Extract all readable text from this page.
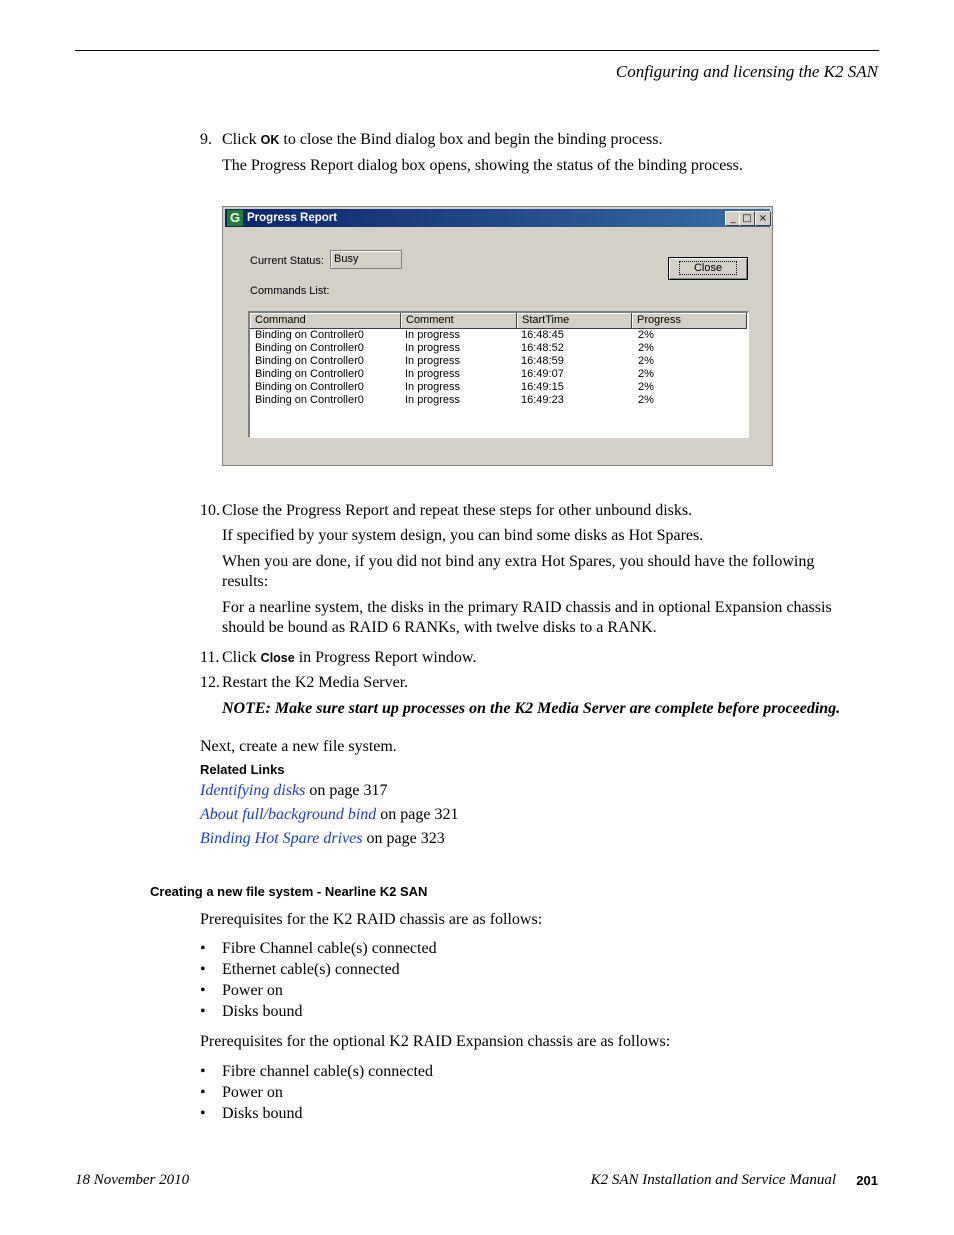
Configuring and licensing the K2 SAN
9. Click OK to close the Bind dialog box and begin the binding process.
The Progress Report dialog box opens, showing the status of the binding process.
G Progress Report	_ □ ×
Current Status: Busy
Close
Commands List:
Command	Comment	StartTime	Progress
Binding on Controller0	In progress	16:48:45	2%
Binding on Controller0	In progress	16:48:52	2%
Binding on Controller0	In progress	16:48:59	2%
Binding on Controller0	In progress	16:49:07	2%
Binding on Controller0	In progress	16:49:15	2%
Binding on Controller0	In progress	16:49:23	2%
10. Close the Progress Report and repeat these steps for other unbound disks.
If specified by your system design, you can bind some disks as Hot Spares.
When you are done, if you did not bind any extra Hot Spares, you should have the following
results:
For a nearline system, the disks in the primary RAID chassis and in optional Expansion chassis
should be bound as RAID 6 RANKs, with twelve disks to a RANK.
11. Click Close in Progress Report window.
12. Restart the K2 Media Server.
NOTE: Make sure start up processes on the K2 Media Server are complete before proceeding.
Next, create a new file system.
Related Links
Identifying disks on page 317
About full/background bind on page 321
Binding Hot Spare drives on page 323
Creating a new file system - Nearline K2 SAN
Prerequisites for the K2 RAID chassis are as follows:
• Fibre Channel cable(s) connected
• Ethernet cable(s) connected
• Power on
• Disks bound
Prerequisites for the optional K2 RAID Expansion chassis are as follows:
• Fibre channel cable(s) connected
• Power on
• Disks bound
18 November 2010	K2 SAN Installation and Service Manual 201
